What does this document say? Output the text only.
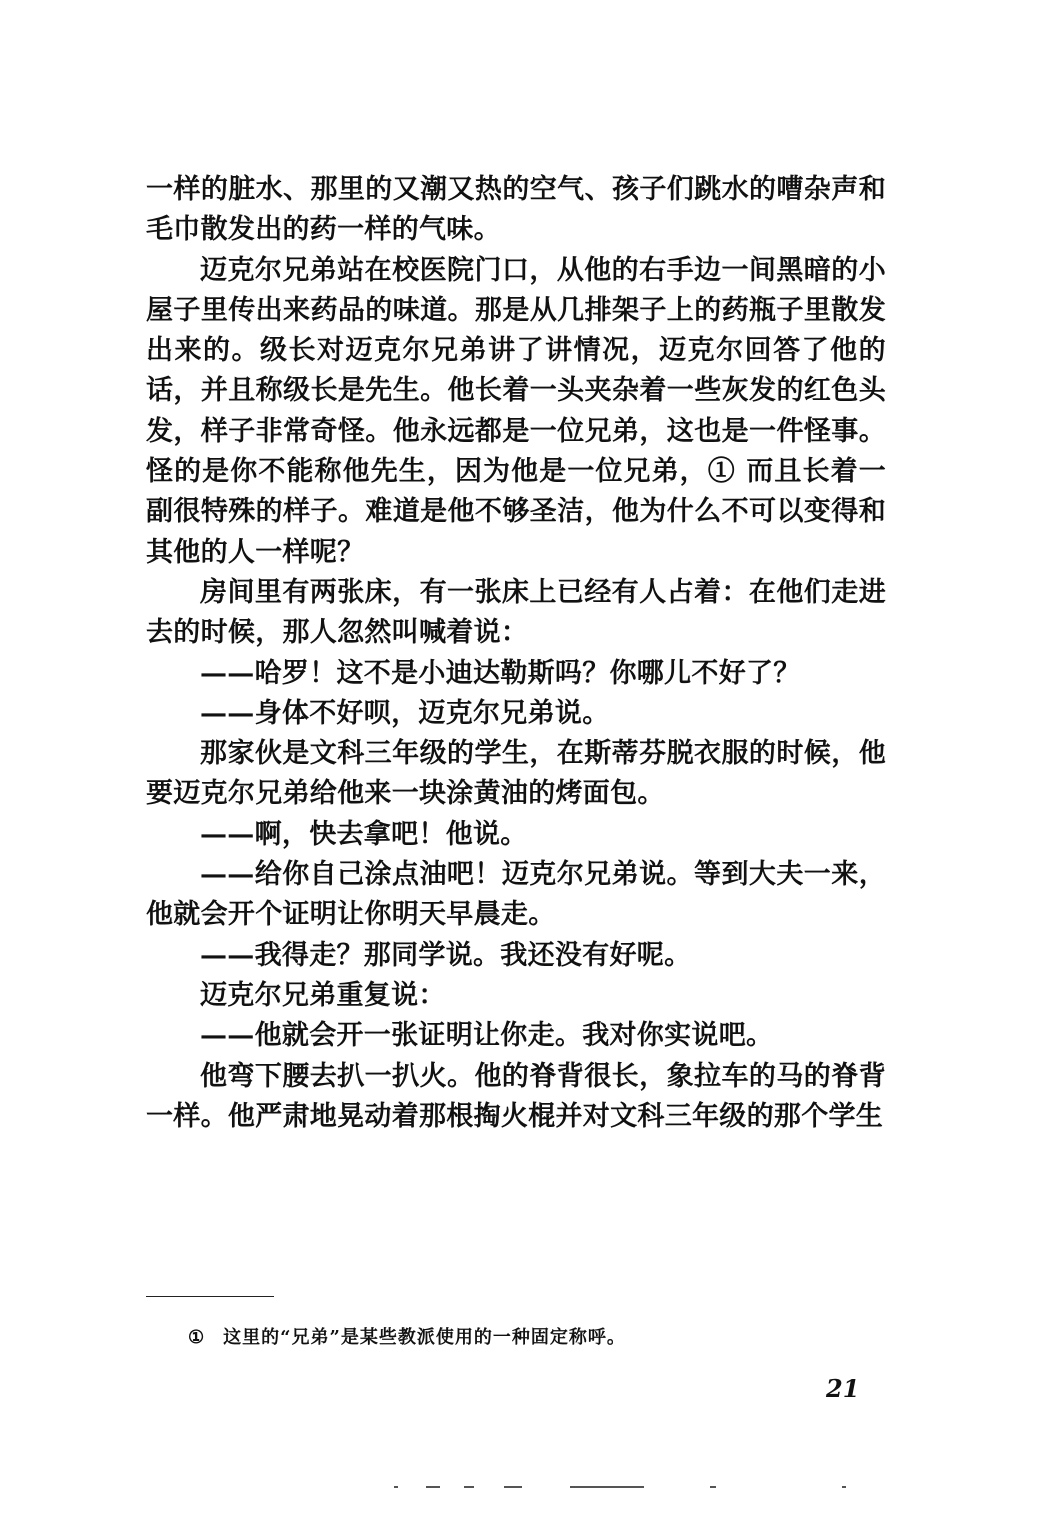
一样的脏水、那里的又潮又热的空气、孩子们跳水的嘈杂声和毛巾散发出的药一样的气味。

迈克尔兄弟站在校医院门口，从他的右手边一间黑暗的小屋子里传出来药品的味道。那是从几排架子上的药瓶子里散发出来的。级长对迈克尔兄弟讲了讲情况，迈克尔回答了他的话，并且称级长是先生。他长着一头夹杂着一些灰发的红色头发，样子非常奇怪。他永远都是一位兄弟，这也是一件怪事。怪的是你不能称他先生，因为他是一位兄弟，① 而且长着一副很特殊的样子。难道是他不够圣洁，他为什么不可以变得和其他的人一样呢？

房间里有两张床，有一张床上已经有人占着：在他们走进去的时候，那人忽然叫喊着说：

——哈罗！这不是小迪达勒斯吗？你哪儿不好了？

——身体不好呗，迈克尔兄弟说。

那家伙是文科三年级的学生，在斯蒂芬脱衣服的时候，他要迈克尔兄弟给他来一块涂黄油的烤面包。

——啊，快去拿吧！他说。

——给你自己涂点油吧！迈克尔兄弟说。等到大夫一来，他就会开个证明让你明天早晨走。

——我得走？那同学说。我还没有好呢。

迈克尔兄弟重复说：

——他就会开一张证明让你走。我对你实说吧。

他弯下腰去扒一扒火。他的脊背很长，象拉车的马的脊背一样。他严肃地晃动着那根掏火棍并对文科三年级的那个学生

① 这里的“兄弟”是某些教派使用的一种固定称呼。
21
